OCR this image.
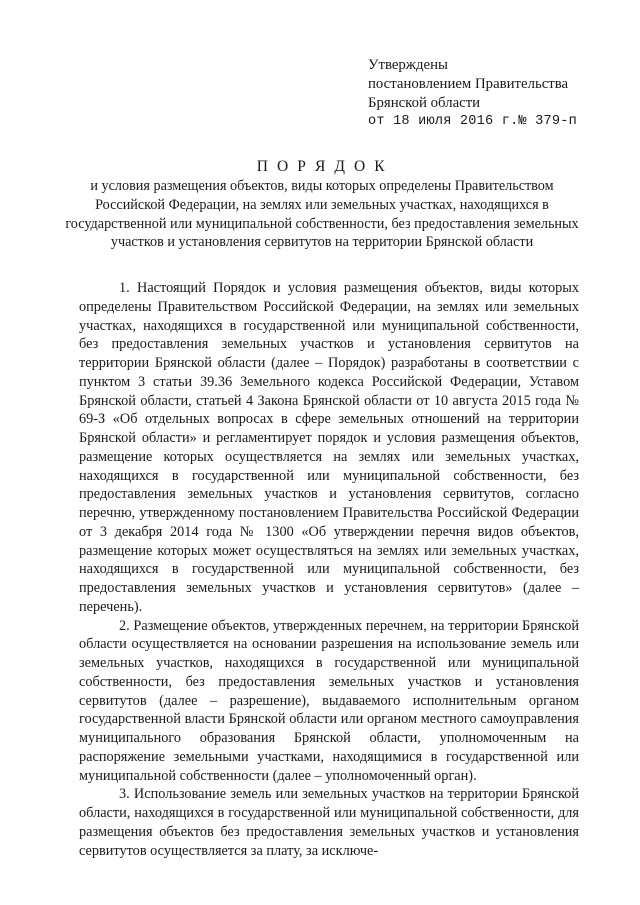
Утверждены
постановлением Правительства
Брянской области
от 18 июля 2016 г.№ 379-п
П О Р Я Д О К
и условия размещения объектов, виды которых определены Правительством Российской Федерации, на землях или земельных участках, находящихся в государственной или муниципальной собственности, без предоставления земельных участков и установления сервитутов на территории Брянской области

1. Настоящий Порядок и условия размещения объектов, виды которых определены Правительством Российской Федерации, на землях или земельных участках, находящихся в государственной или муниципальной собственности, без предоставления земельных участков и установления сервитутов на территории Брянской области (далее – Порядок) разработаны в соответствии с пунктом 3 статьи 39.36 Земельного кодекса Российской Федерации, Уставом Брянской области, статьей 4 Закона Брянской области от 10 августа 2015 года № 69-З «Об отдельных вопросах в сфере земельных отношений на территории Брянской области» и регламентирует порядок и условия размещения объектов, размещение которых осуществляется на землях или земельных участках, находящихся в государственной или муниципальной собственности, без предоставления земельных участков и установления сервитутов, согласно перечню, утвержденному постановлением Правительства Российской Федерации от 3 декабря 2014 года № 1300 «Об утверждении перечня видов объектов, размещение которых может осуществляться на землях или земельных участках, находящихся в государственной или муниципальной собственности, без предоставления земельных участков и установления сервитутов» (далее – перечень).

2. Размещение объектов, утвержденных перечнем, на территории Брянской области осуществляется на основании разрешения на использование земель или земельных участков, находящихся в государственной или муниципальной собственности, без предоставления земельных участков и установления сервитутов (далее – разрешение), выдаваемого исполнительным органом государственной власти Брянской области или органом местного самоуправления муниципального образования Брянской области, уполномоченным на распоряжение земельными участками, находящимися в государственной или муниципальной собственности (далее – уполномоченный орган).

3. Использование земель или земельных участков на территории Брянской области, находящихся в государственной или муниципальной собственности, для размещения объектов без предоставления земельных участков и установления сервитутов осуществляется за плату, за исключе-
